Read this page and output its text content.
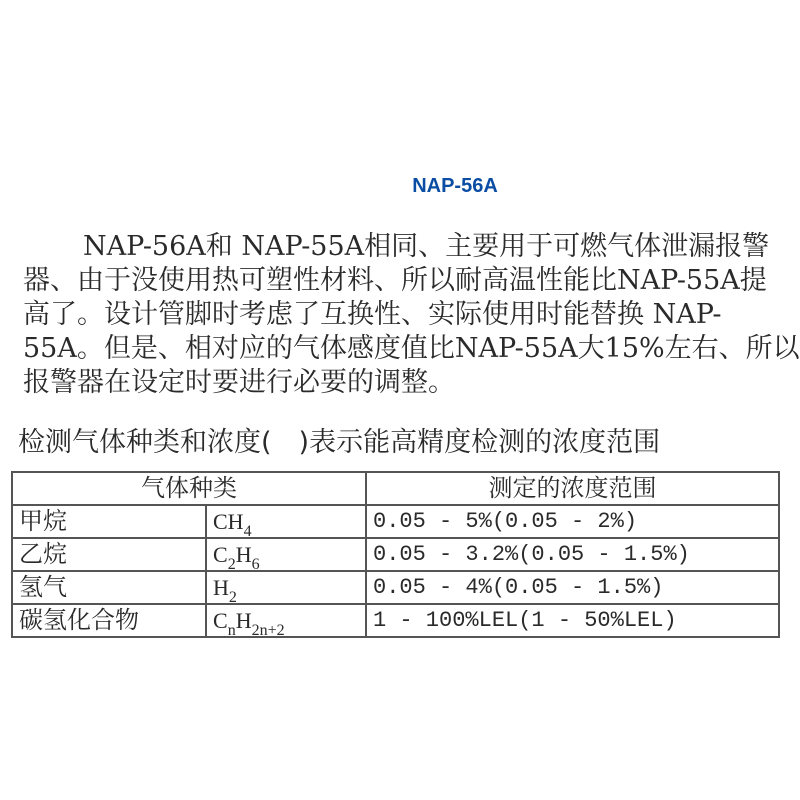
NAP-56A
NAP-56A和 NAP-55A相同、主要用于可燃气体泄漏报警
器、由于没使用热可塑性材料、所以耐高温性能比NAP-55A提
高了。设计管脚时考虑了互换性、实际使用时能替换 NAP-
55A。但是、相对应的气体感度值比NAP-55A大15%左右、所以
报警器在设定时要进行必要的调整。
检测气体种类和浓度(　)表示能高精度检测的浓度范围
气体种类		测定的浓度范围
甲烷	$CH_4$	0.05 - 5%(0.05 - 2%)
乙烷	$C_2H_6$	0.05 - 3.2%(0.05 - 1.5%)
氢气	$H_2$	0.05 - 4%(0.05 - 1.5%)
碳氢化合物	$C_nH_{2n+2}$	1 - 100%LEL(1 - 50%LEL)
